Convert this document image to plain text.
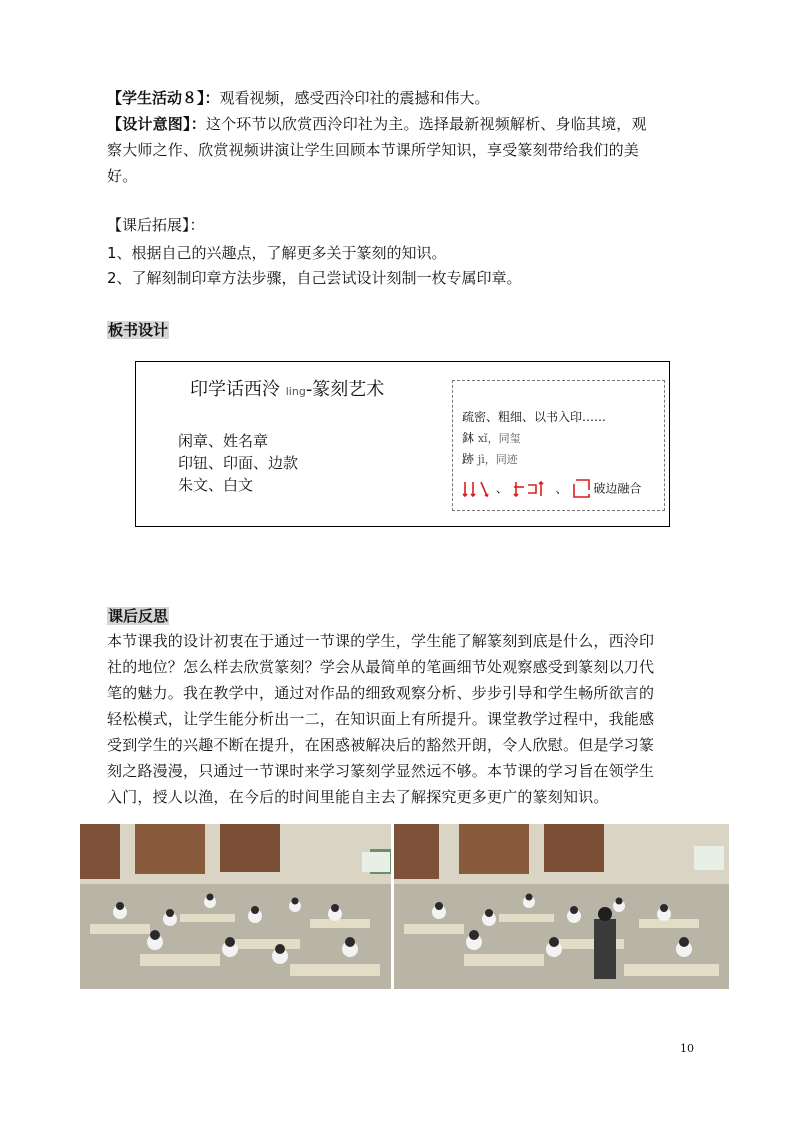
【学生活动８】：观看视频，感受西泠印社的震撼和伟大。
【设计意图】：这个环节以欣赏西泠印社为主。选择最新视频解析、身临其境，观
察大师之作、欣赏视频讲演让学生回顾本节课所学知识，享受篆刻带给我们的美
好。
【课后拓展】：
1、根据自己的兴趣点，了解更多关于篆刻的知识。
2、了解刻制印章方法步骤，自己尝试设计刻制一枚专属印章。
板书设计
印学话西泠 ling-篆刻艺术
闲章、姓名章
印钮、印面、边款
朱文、白文
疏密、粗细、以书入印……
鈢 xǐ，同玺
跡 jì，同迹
、	、 破边融合
课后反思
本节课我的设计初衷在于通过一节课的学生，学生能了解篆刻到底是什么，西泠印
社的地位？怎么样去欣赏篆刻？学会从最简单的笔画细节处观察感受到篆刻以刀代
笔的魅力。我在教学中，通过对作品的细致观察分析、步步引导和学生畅所欲言的
轻松模式，让学生能分析出一二，在知识面上有所提升。课堂教学过程中，我能感
受到学生的兴趣不断在提升，在困惑被解决后的豁然开朗，令人欣慰。但是学习篆
刻之路漫漫，只通过一节课时来学习篆刻学显然远不够。本节课的学习旨在领学生
入门，授人以渔，在今后的时间里能自主去了解探究更多更广的篆刻知识。
10
